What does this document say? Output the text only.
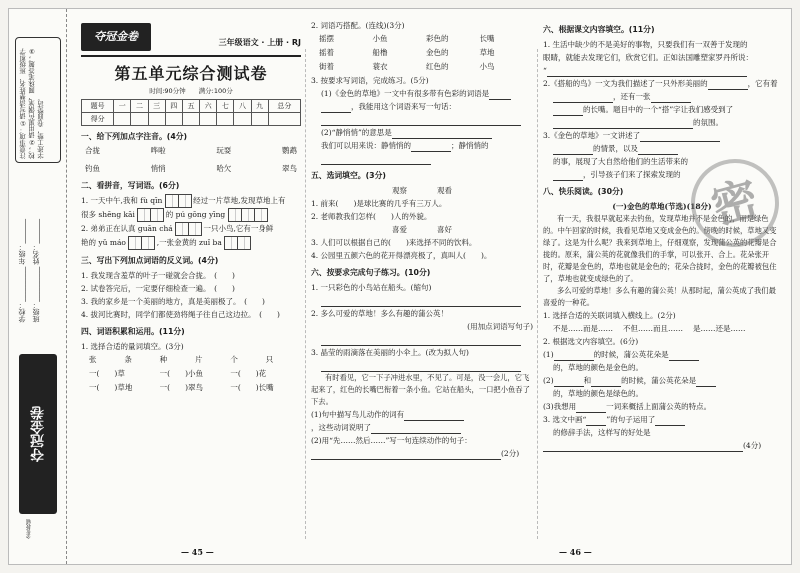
注意事项：①请写清楚姓名、班级和学校；②请用黑色钢笔、圆珠笔答题；③字迹工整，卷面整洁。
学校：__________ 年级：_______
班级：__________ 姓名：_______
夺冠金卷
金优教辅
夺冠金卷	三年级语文 · 上册 · RJ
第五单元综合测试卷
时间:90分钟　　满分:100分
题号	一	二	三	四	五	六	七	八	九	总分
得分										
一、给下列加点字注音。(4分)
合拢	哗啦	玩耍	鹦鹉
钓鱼	悄悄	哈欠	翠鸟
二、看拼音，写词语。(6分)
1. 一天中午,我和 fù qīn	经过一片草地,发现草地上有
很多 shēng kāi	的 pú gōng yīng
2. 弟弟正在认真 guān chá	一只小鸟,它有一身鲜
艳的 yǔ máo	,一张金黄的 zuǐ ba
三、写出下列加点词语的反义词。(4分)
1. 我发现含羞草的叶子一碰就会合拢。 (　　)
2. 试卷答完后，一定要仔细检查一遍。 (　　)
3. 我的家乡是一个美丽的地方，真是美丽极了。 (　　)
4. 拔河比赛时，同学们都使劲将绳子往自己这边拉。 (　　)
四、词语积累和运用。(11分)
1. 选择合适的量词填空。(3分)
张	条	种	片	个	只
一(　　)草	一(　　)小鱼	一(　　)花
一(　　)草地	一(　　)翠鸟	一(　　)长嘴
— 45 —
2. 词语巧搭配。(连线)(3分)
摇摆	小鱼	彩色的	长嘴
摇着	船橹	金色的	草地
街着	蓑衣	红色的	小鸟
3. 按要求写词语，完成练习。(5分)
(1)《金色的草地》一文中有很多带有色彩的词语是
，我能用这个词语来写一句话：
(2)“静悄悄”的意思是
我们可以用来说：静悄悄的	；静悄悄的
五、选词填空。(3分)
观察　　　　	观看
1. 前来(　　)是球比赛的几乎有三万人。
2. 老师教我们怎样(　　)人的外貌。
喜爱　　　　	喜好
3. 人们可以根据自己的(　　)来选择不同的饮料。
4. 公园里五颜六色的花开得漂亮极了，真叫人(　　)。
六、按要求完成句子练习。(10分)
1. 一只彩色的小鸟站在船头。(缩句)
2. 多么可爱的草地！多么有趣的蒲公英！
(用加点词语写句子)
3. 晶莹的雨滴落在美丽的小伞上。(改为拟人句)
有时看见，它一下子冲进水里，不见了。可是，没一会儿，它飞起来了，红色的长嘴巴衔着一条小鱼。它站在船头，一口把小鱼吞了下去。
(1)句中描写鸟儿动作的词有
，这些动词说明了
(2)用“先……然后……”写一句连续动作的句子：
(2分)
六、根据课文内容填空。(11分)
1. 生活中缺少的不是美好的事物，只要我们有一双善于发现的
眼睛，就能去发现它们，欣赏它们。正如法国雕塑家罗丹所说：
“
2.《搭船的鸟》一文为我们描述了一只外形美丽的	，它有着
，还有一张
的长嘴。题目中的一个“搭”字让我们感受到了
的氛围。
3.《金色的草地》一文讲述了
的情景，以及
的事，展现了大自然给他们的生活带来的
，引导孩子们来了探索发现的
八、快乐阅读。(30分)
(一)金色的草地(节选)(18分)
有一天，我很早就起来去钓鱼，发现草地并不是金色的，而是绿色的。中午回家的时候，我看见草地又变成金色的。傍晚的时候，草地又变绿了。这是为什么呢？我来到草地上，仔细观察，发现蒲公英的花瓣是合拢的。原来，蒲公英的花就像我们的手掌，可以张开、合上。花朵张开时，花瓣是金色的，草地也就是金色的；花朵合拢时，金色的花瓣被包住了，草地也就变成绿色的了。
多么可爱的草地！多么有趣的蒲公英！从那时起，蒲公英成了我们最喜爱的一种花。
1. 选择合适的关联词填入横线上。(2分)
不是……而是…… 不但……而且…… 是……还是……
2. 根据选文内容填空。(6分)
(1)	的时候，蒲公英花朵是
的，草地的颜色是金色的。
(2)	和	的时候，蒲公英花朵是
的，草地的颜色是绿色的。
(3)我想用	一词来概括上面蒲公英的特点。
3. 选文中画“	”的句子运用了
的修辞手法，这样写的好处是
(4分)
— 46 —
密
